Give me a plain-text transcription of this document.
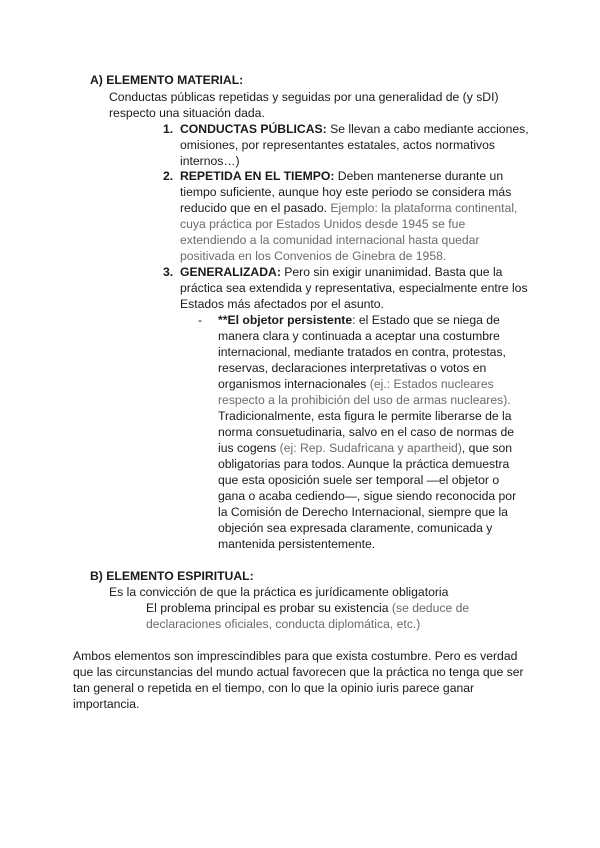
A) ELEMENTO MATERIAL:

Conductas públicas repetidas y seguidas por una generalidad de (y sDI) respecto una situación dada.

1. CONDUCTAS PÚBLICAS: Se llevan a cabo mediante acciones, omisiones, por representantes estatales, actos normativos internos…)

2. REPETIDA EN EL TIEMPO: Deben mantenerse durante un tiempo suficiente, aunque hoy este periodo se considera más reducido que en el pasado. Ejemplo: la plataforma continental, cuya práctica por Estados Unidos desde 1945 se fue extendiendo a la comunidad internacional hasta quedar positivada en los Convenios de Ginebra de 1958.

3. GENERALIZADA: Pero sin exigir unanimidad. Basta que la práctica sea extendida y representativa, especialmente entre los Estados más afectados por el asunto.

-	**El objetor persistente: el Estado que se niega de manera clara y continuada a aceptar una costumbre internacional, mediante tratados en contra, protestas, reservas, declaraciones interpretativas o votos en organismos internacionales (ej.: Estados nucleares respecto a la prohibición del uso de armas nucleares). Tradicionalmente, esta figura le permite liberarse de la norma consuetudinaria, salvo en el caso de normas de ius cogens (ej: Rep. Sudafricana y apartheid), que son obligatorias para todos. Aunque la práctica demuestra que esta oposición suele ser temporal —el objetor o gana o acaba cediendo—, sigue siendo reconocida por la Comisión de Derecho Internacional, siempre que la objeción sea expresada claramente, comunicada y mantenida persistentemente.

B) ELEMENTO ESPIRITUAL:

Es la convicción de que la práctica es jurídicamente obligatoria

El problema principal es probar su existencia (se deduce de declaraciones oficiales, conducta diplomática, etc.)

Ambos elementos son imprescindibles para que exista costumbre. Pero es verdad que las circunstancias del mundo actual favorecen que la práctica no tenga que ser tan general o repetida en el tiempo, con lo que la opinio iuris parece ganar importancia.
